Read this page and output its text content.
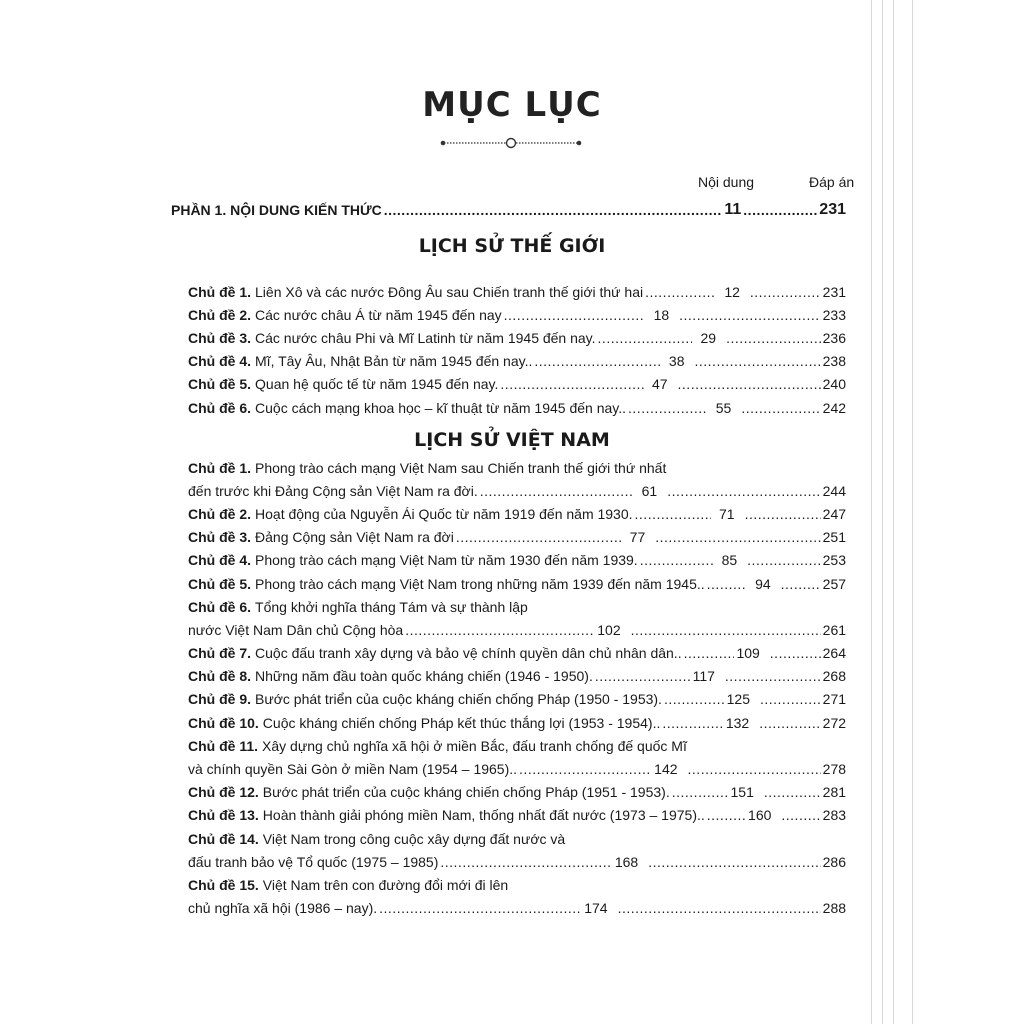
MỤC LỤC
Nội dung	Đáp án
PHẦN 1. NỘI DUNG KIẾN THỨC .....	11 .....	231
LỊCH SỬ THẾ GIỚI
Chủ đề 1. Liên Xô và các nước Đông Âu sau Chiến tranh thế giới thứ hai .....	12 .....	231
Chủ đề 2. Các nước châu Á từ năm 1945 đến nay .....	18 .....	233
Chủ đề 3. Các nước châu Phi và Mĩ Latinh từ năm 1945 đến nay. .....	29 .....	236
Chủ đề 4. Mĩ, Tây Âu, Nhật Bản từ năm 1945 đến nay.. .....	38 .....	238
Chủ đề 5. Quan hệ quốc tế từ năm 1945 đến nay. .....	47 .....	240
Chủ đề 6. Cuộc cách mạng khoa học – kĩ thuật từ năm 1945 đến nay.. .....	55 .....	242
LỊCH SỬ VIỆT NAM
Chủ đề 1. Phong trào cách mạng Việt Nam sau Chiến tranh thế giới thứ nhất
đến trước khi Đảng Cộng sản Việt Nam ra đời. .....	61 .....	244
Chủ đề 2. Hoạt động của Nguyễn Ái Quốc từ năm 1919 đến năm 1930. .....	71 .....	247
Chủ đề 3. Đảng Cộng sản Việt Nam ra đời .....	77 .....	251
Chủ đề 4. Phong trào cách mạng Việt Nam từ năm 1930 đến năm 1939. .....	85 .....	253
Chủ đề 5. Phong trào cách mạng Việt Nam trong những năm 1939 đến năm 1945.. .....	94 .....	257
Chủ đề 6. Tổng khởi nghĩa tháng Tám và sự thành lập
nước Việt Nam Dân chủ Cộng hòa .....	102 .....	261
Chủ đề 7. Cuộc đấu tranh xây dựng và bảo vệ chính quyền dân chủ nhân dân.. .....	109 .....	264
Chủ đề 8. Những năm đầu toàn quốc kháng chiến (1946 - 1950). .....	117 .....	268
Chủ đề 9. Bước phát triển của cuộc kháng chiến chống Pháp (1950 - 1953). .....	125 .....	271
Chủ đề 10. Cuộc kháng chiến chống Pháp kết thúc thắng lợi (1953 - 1954).. .....	132 .....	272
Chủ đề 11. Xây dựng chủ nghĩa xã hội ở miền Bắc, đấu tranh chống đế quốc Mĩ
và chính quyền Sài Gòn ở miền Nam (1954 – 1965).. .....	142 .....	278
Chủ đề 12. Bước phát triển của cuộc kháng chiến chống Pháp (1951 - 1953). .....	151 .....	281
Chủ đề 13. Hoàn thành giải phóng miền Nam, thống nhất đất nước (1973 – 1975).. .....	160 .....	283
Chủ đề 14. Việt Nam trong công cuộc xây dựng đất nước và
đấu tranh bảo vệ Tổ quốc (1975 – 1985) .....	168 .....	286
Chủ đề 15. Việt Nam trên con đường đổi mới đi lên
chủ nghĩa xã hội (1986 – nay). .....	174 .....	288
